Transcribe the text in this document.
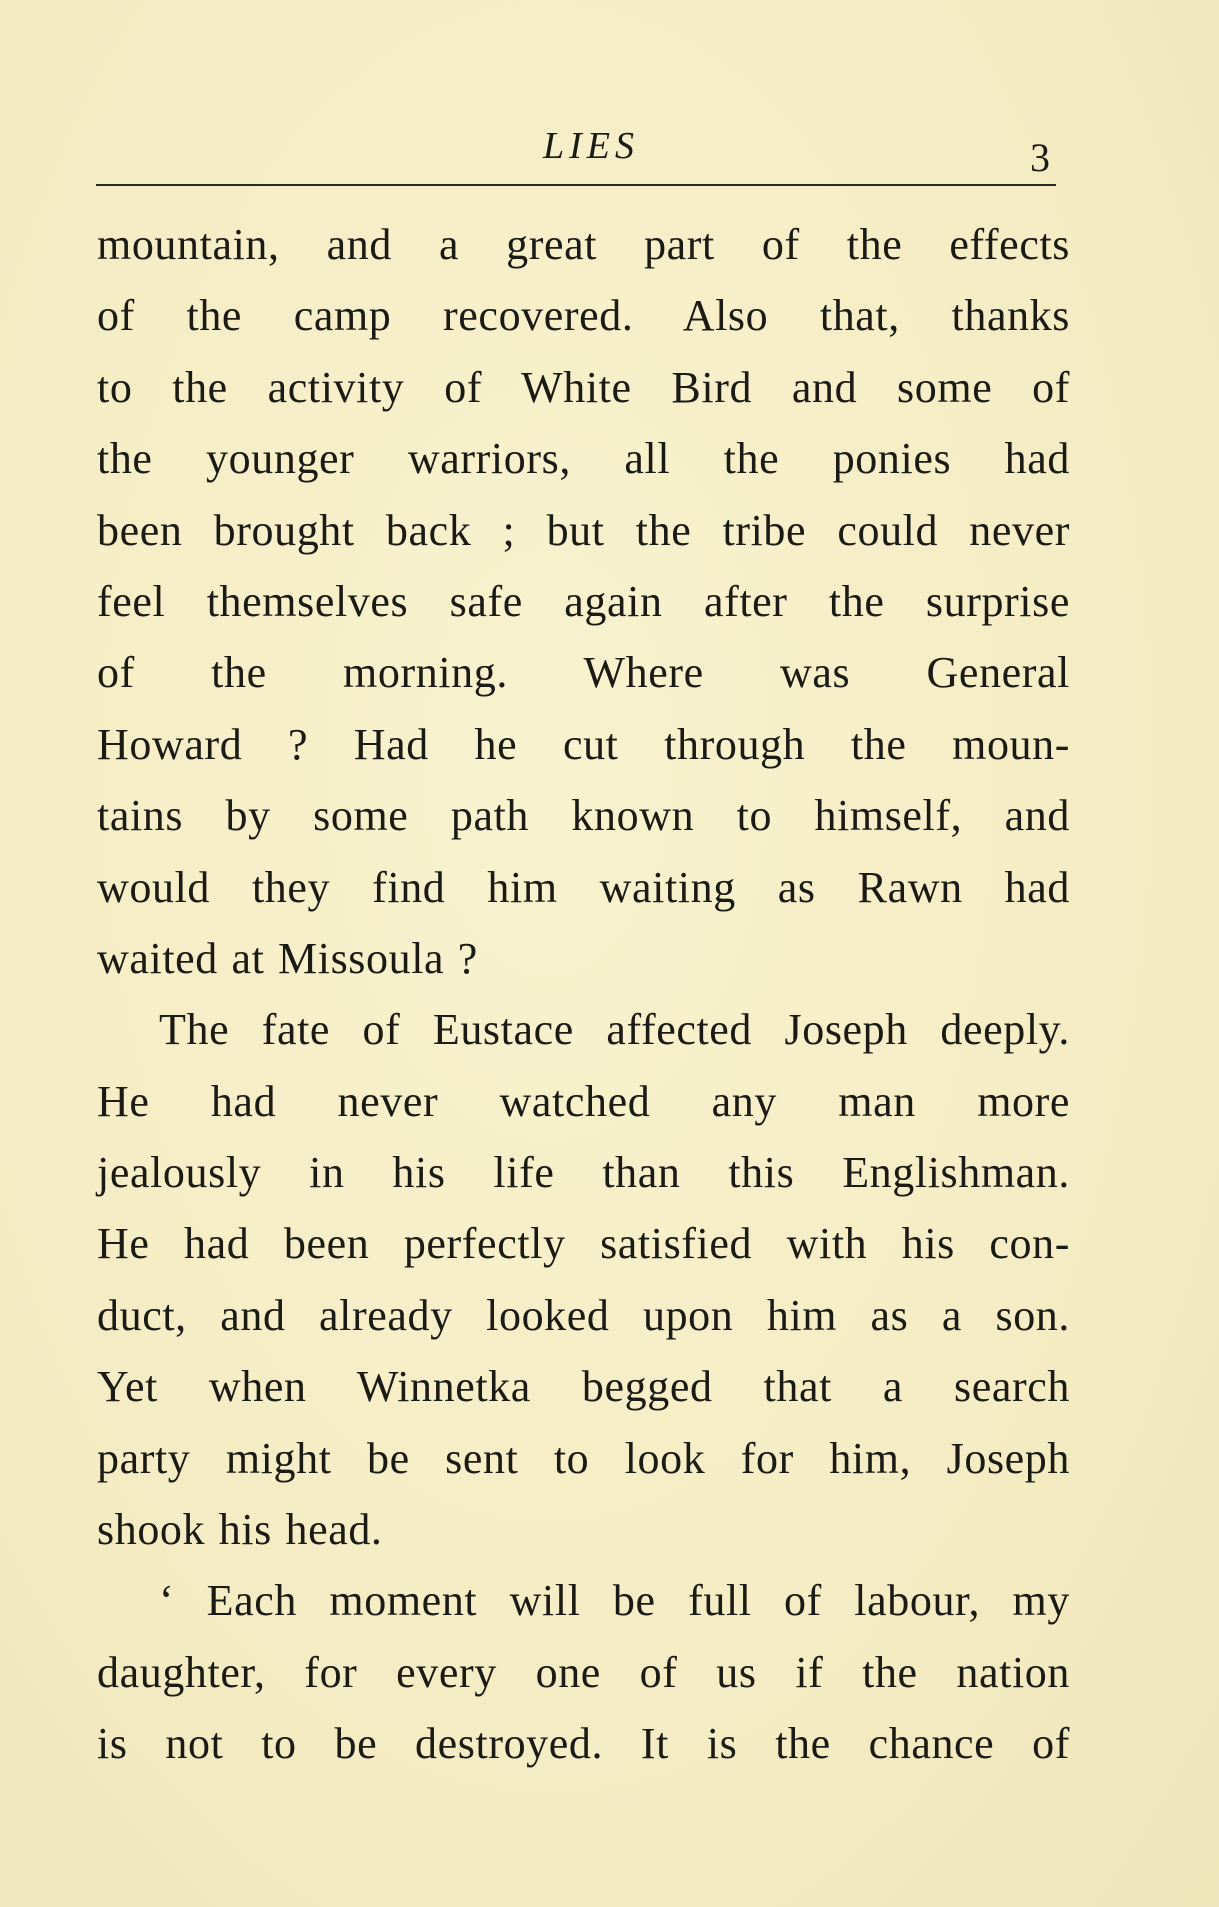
LIES	3
mountain, and a great part of the effects
of the camp recovered. Also that, thanks
to the activity of White Bird and some of
the younger warriors, all the ponies had
been brought back ; but the tribe could never
feel themselves safe again after the surprise
of the morning. Where was General
Howard ? Had he cut through the moun-
tains by some path known to himself, and
would they find him waiting as Rawn had
waited at Missoula ?
The fate of Eustace affected Joseph deeply.
He had never watched any man more
jealously in his life than this Englishman.
He had been perfectly satisfied with his con-
duct, and already looked upon him as a son.
Yet when Winnetka begged that a search
party might be sent to look for him, Joseph
shook his head.
‘ Each moment will be full of labour, my
daughter, for every one of us if the nation
is not to be destroyed. It is the chance of
